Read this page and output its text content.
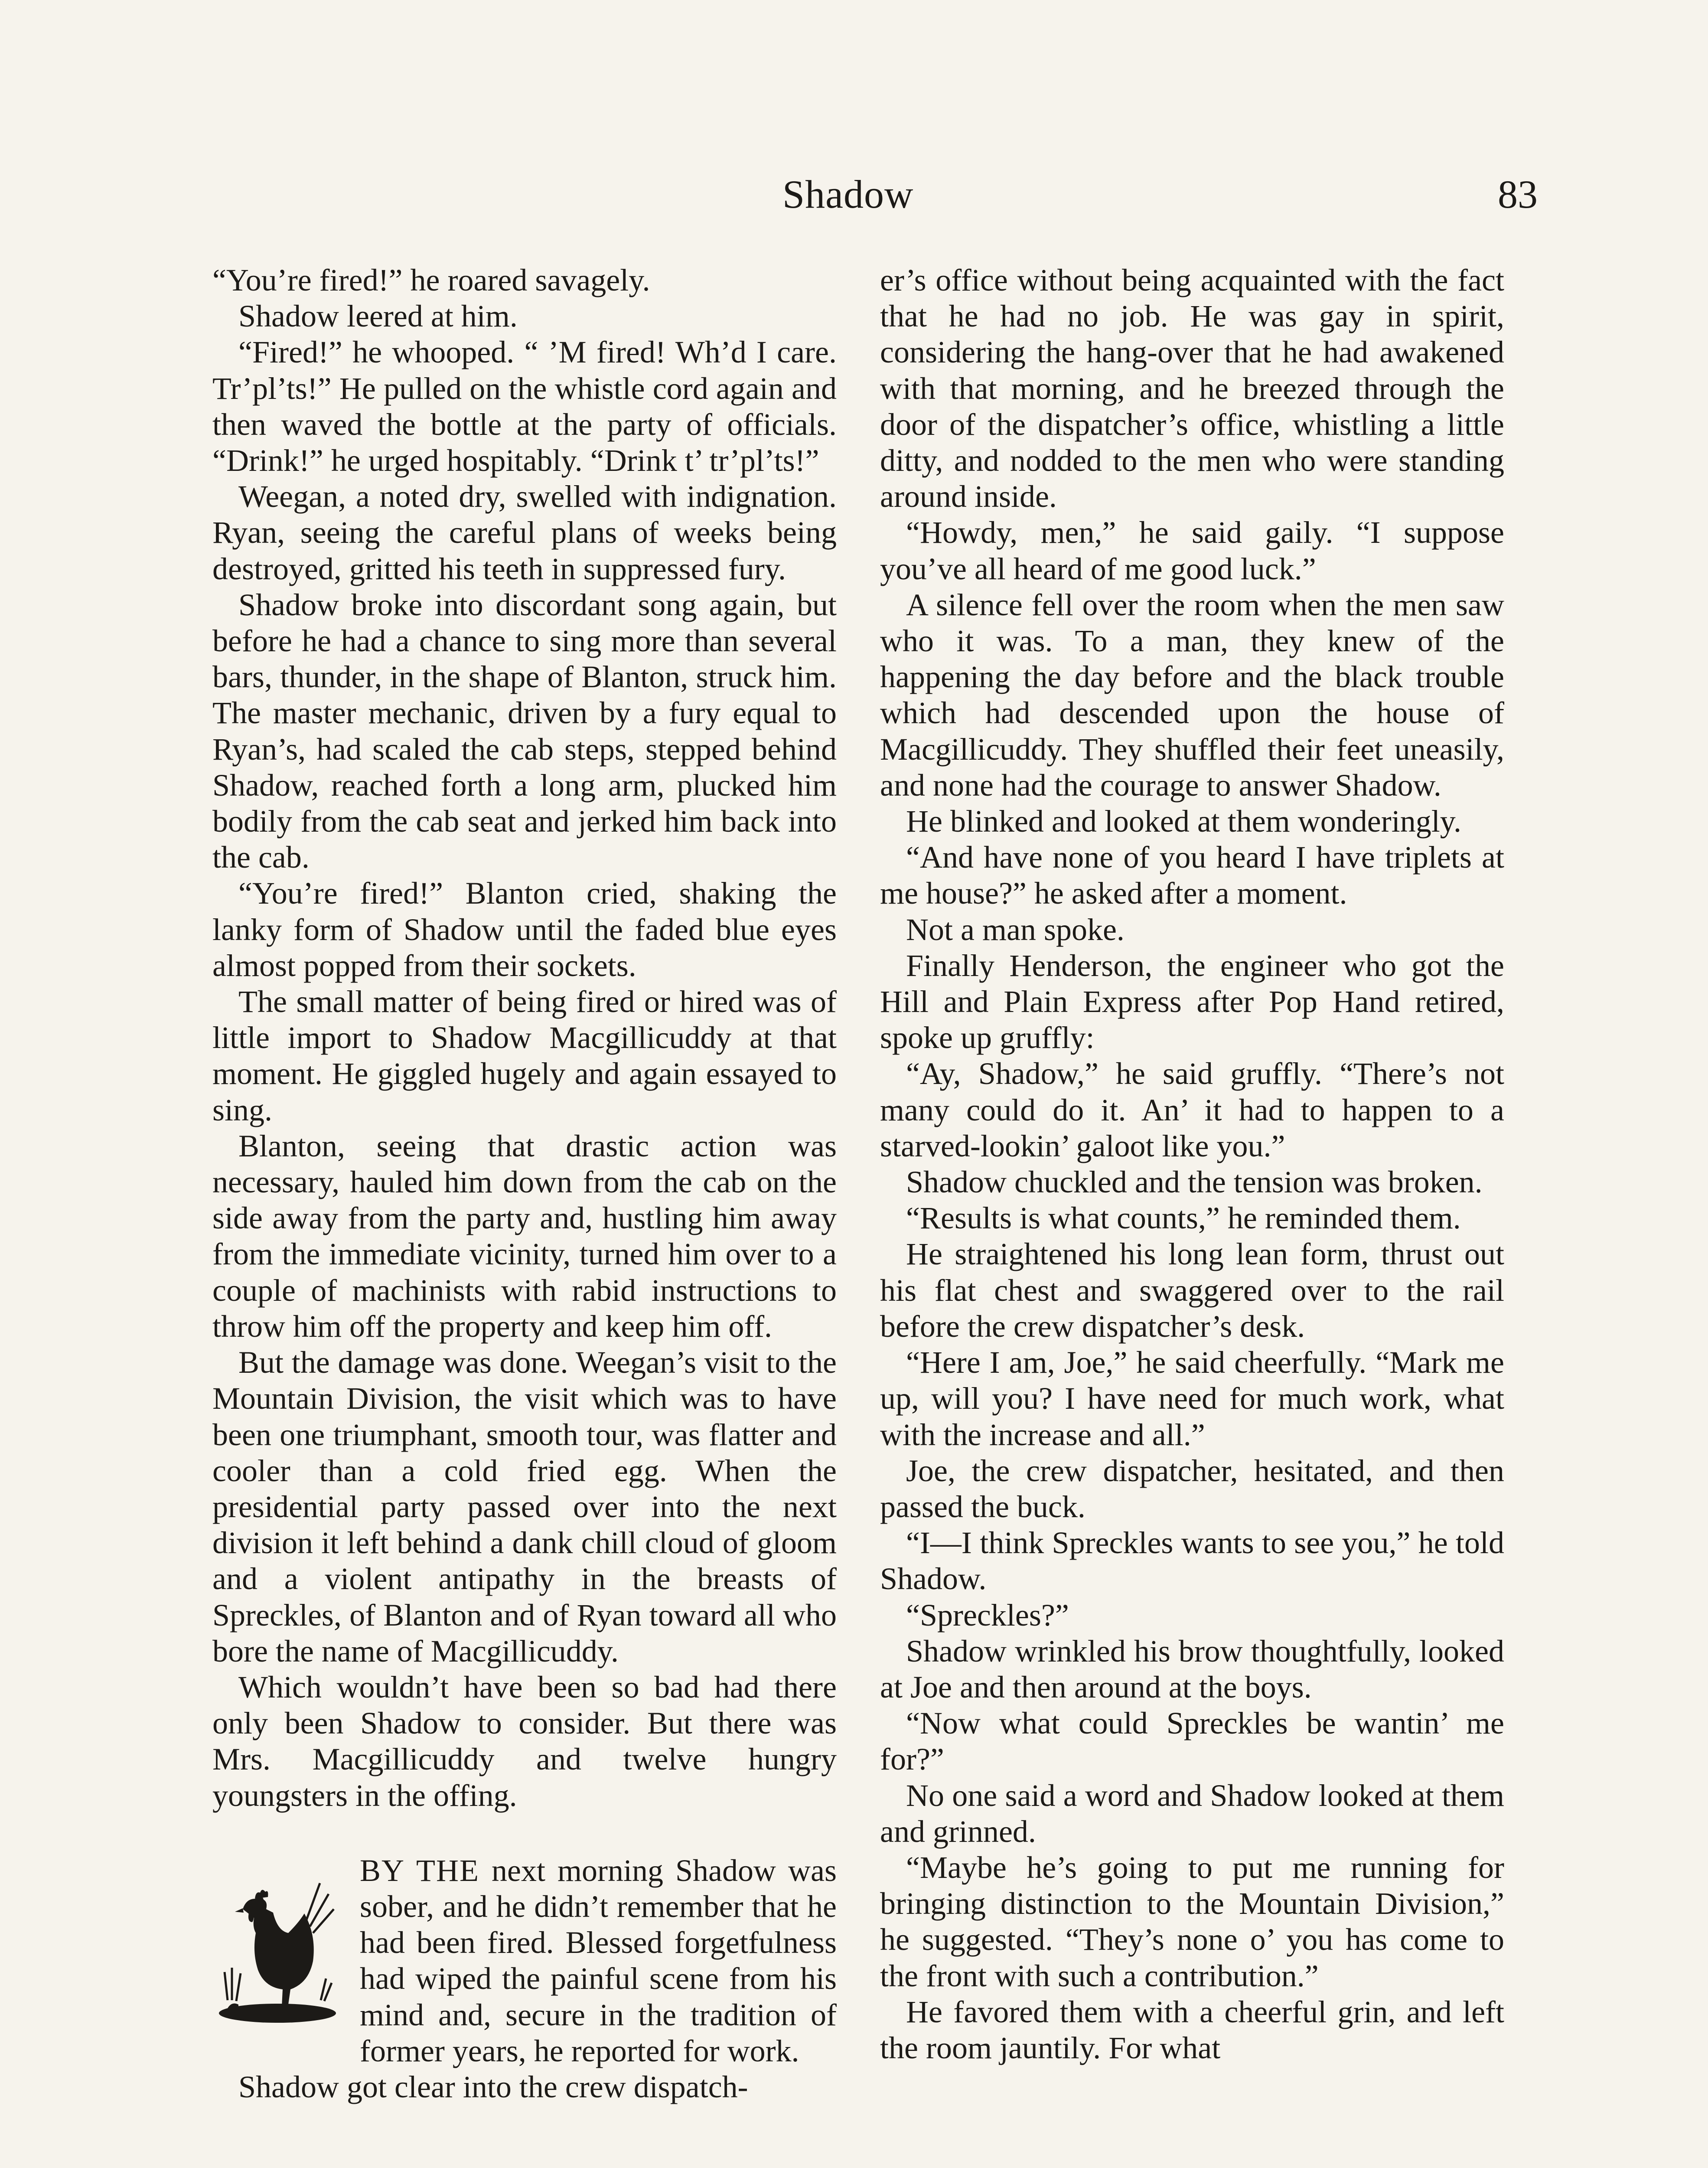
Shadow	83

“You’re fired!” he roared savagely.

Shadow leered at him.

“Fired!” he whooped. “ ’M fired! Wh’d I care. Tr’pl’ts!” He pulled on the whistle cord again and then waved the bottle at the party of officials. “Drink!” he urged hospitably. “Drink t’ tr’pl’ts!”

Weegan, a noted dry, swelled with indignation. Ryan, seeing the careful plans of weeks being destroyed, gritted his teeth in suppressed fury.

Shadow broke into discordant song again, but before he had a chance to sing more than several bars, thunder, in the shape of Blanton, struck him. The master mechanic, driven by a fury equal to Ryan’s, had scaled the cab steps, stepped behind Shadow, reached forth a long arm, plucked him bodily from the cab seat and jerked him back into the cab.

“You’re fired!” Blanton cried, shaking the lanky form of Shadow until the faded blue eyes almost popped from their sockets.

The small matter of being fired or hired was of little import to Shadow Macgillicuddy at that moment. He giggled hugely and again essayed to sing.

Blanton, seeing that drastic action was necessary, hauled him down from the cab on the side away from the party and, hustling him away from the immediate vicinity, turned him over to a couple of machinists with rabid instructions to throw him off the property and keep him off.

But the damage was done. Weegan’s visit to the Mountain Division, the visit which was to have been one triumphant, smooth tour, was flatter and cooler than a cold fried egg. When the presidential party passed over into the next division it left behind a dank chill cloud of gloom and a violent antipathy in the breasts of Spreckles, of Blanton and of Ryan toward all who bore the name of Macgillicuddy.

Which wouldn’t have been so bad had there only been Shadow to consider. But there was Mrs. Macgillicuddy and twelve hungry youngsters in the offing.

BY THE next morning Shadow was sober, and he didn’t remember that he had been fired. Blessed forgetfulness had wiped the painful scene from his mind and, secure in the tradition of former years, he reported for work.

Shadow got clear into the crew dispatch-

er’s office without being acquainted with the fact that he had no job. He was gay in spirit, considering the hang-over that he had awakened with that morning, and he breezed through the door of the dispatcher’s office, whistling a little ditty, and nodded to the men who were standing around inside.

“Howdy, men,” he said gaily. “I suppose you’ve all heard of me good luck.”

A silence fell over the room when the men saw who it was. To a man, they knew of the happening the day before and the black trouble which had descended upon the house of Macgillicuddy. They shuffled their feet uneasily, and none had the courage to answer Shadow.

He blinked and looked at them wonderingly.

“And have none of you heard I have triplets at me house?” he asked after a moment.

Not a man spoke.

Finally Henderson, the engineer who got the Hill and Plain Express after Pop Hand retired, spoke up gruffly:

“Ay, Shadow,” he said gruffly. “There’s not many could do it. An’ it had to happen to a starved-lookin’ galoot like you.”

Shadow chuckled and the tension was broken.

“Results is what counts,” he reminded them.

He straightened his long lean form, thrust out his flat chest and swaggered over to the rail before the crew dispatcher’s desk.

“Here I am, Joe,” he said cheerfully. “Mark me up, will you? I have need for much work, what with the increase and all.”

Joe, the crew dispatcher, hesitated, and then passed the buck.

“I—I think Spreckles wants to see you,” he told Shadow.

“Spreckles?”

Shadow wrinkled his brow thoughtfully, looked at Joe and then around at the boys.

“Now what could Spreckles be wantin’ me for?”

No one said a word and Shadow looked at them and grinned.

“Maybe he’s going to put me running for bringing distinction to the Mountain Division,” he suggested. “They’s none o’ you has come to the front with such a contribution.”

He favored them with a cheerful grin, and left the room jauntily. For what
